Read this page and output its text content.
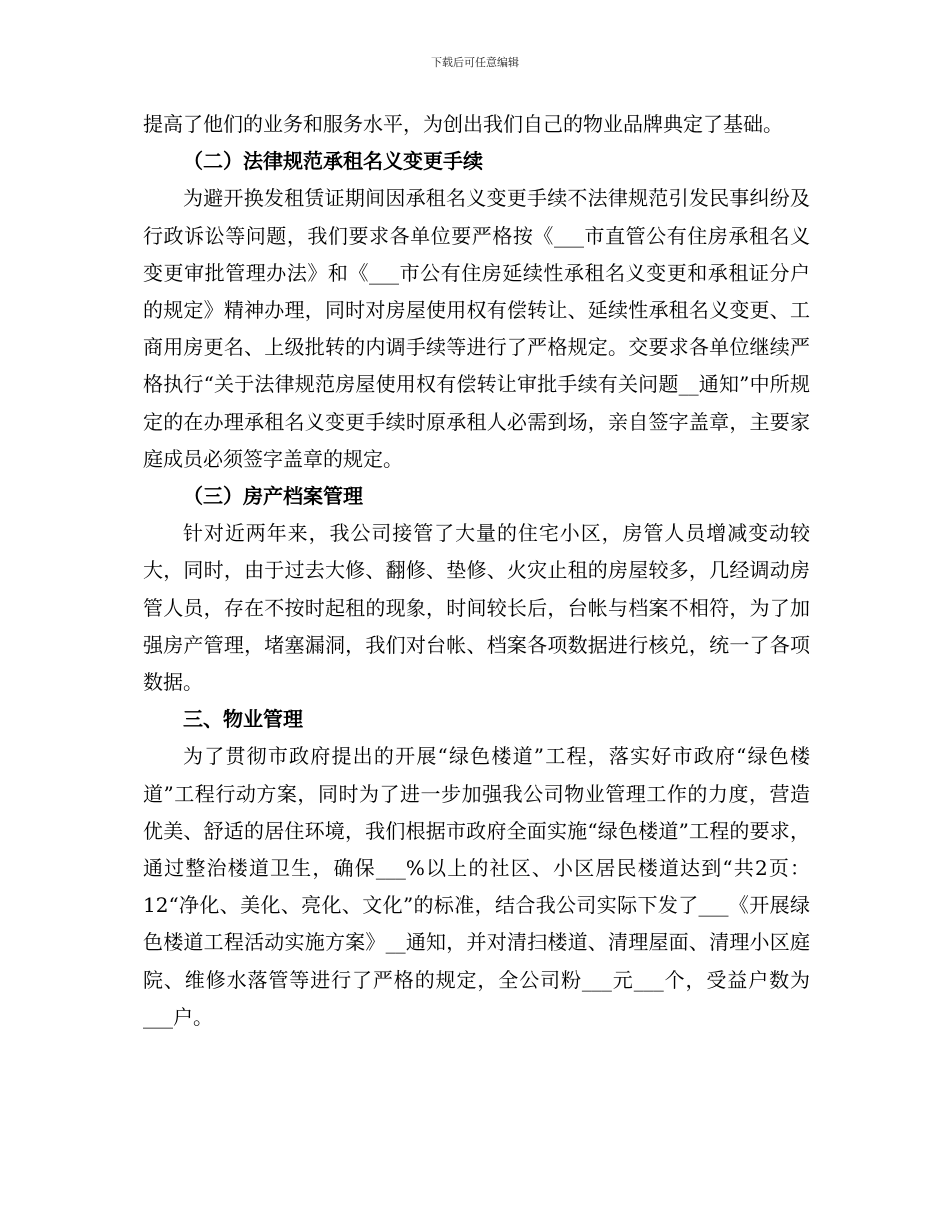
下载后可任意编辑

提高了他们的业务和服务水平，为创出我们自己的物业品牌典定了基础。

（二）法律规范承租名义变更手续

为避开换发租赁证期间因承租名义变更手续不法律规范引发民事纠纷及行政诉讼等问题，我们要求各单位要严格按《___市直管公有住房承租名义变更审批管理办法》和《___市公有住房延续性承租名义变更和承租证分户的规定》精神办理，同时对房屋使用权有偿转让、延续性承租名义变更、工商用房更名、上级批转的内调手续等进行了严格规定。交要求各单位继续严格执行“关于法律规范房屋使用权有偿转让审批手续有关问题__通知”中所规定的在办理承租名义变更手续时原承租人必需到场，亲自签字盖章，主要家庭成员必须签字盖章的规定。

（三）房产档案管理

针对近两年来，我公司接管了大量的住宅小区，房管人员增减变动较大，同时，由于过去大修、翻修、垫修、火灾止租的房屋较多，几经调动房管人员，存在不按时起租的现象，时间较长后，台帐与档案不相符，为了加强房产管理，堵塞漏洞，我们对台帐、档案各项数据进行核兑，统一了各项数据。

三、物业管理

为了贯彻市政府提出的开展“绿色楼道”工程，落实好市政府“绿色楼道”工程行动方案，同时为了进一步加强我公司物业管理工作的力度，营造优美、舒适的居住环境，我们根据市政府全面实施“绿色楼道”工程的要求，通过整治楼道卫生，确保___%以上的社区、小区居民楼道达到“共2页：12“净化、美化、亮化、文化”的标准，结合我公司实际下发了___《开展绿色楼道工程活动实施方案》__通知，并对清扫楼道、清理屋面、清理小区庭院、维修水落管等进行了严格的规定，全公司粉___元___个，受益户数为___户。
